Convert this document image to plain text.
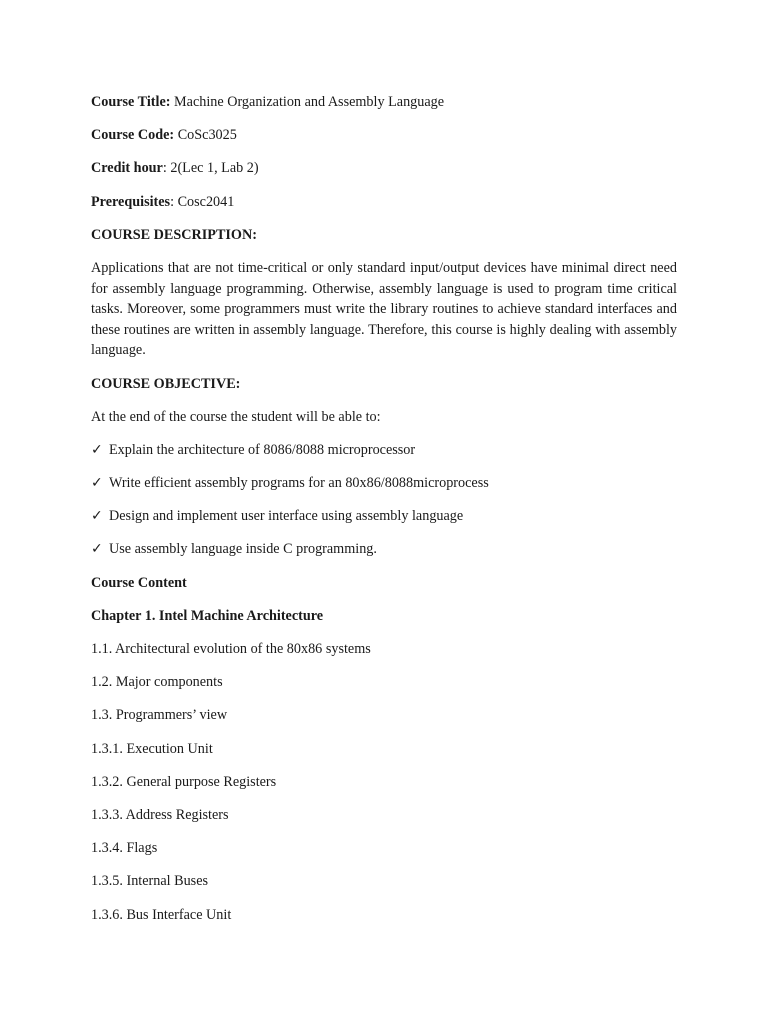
Course Title: Machine Organization and Assembly Language

Course Code: CoSc3025

Credit hour: 2(Lec 1, Lab 2)

Prerequisites: Cosc2041

COURSE DESCRIPTION:

Applications that are not time-critical or only standard input/output devices have minimal direct need for assembly language programming. Otherwise, assembly language is used to program time critical tasks. Moreover, some programmers must write the library routines to achieve standard interfaces and these routines are written in assembly language. Therefore, this course is highly dealing with assembly language.

COURSE OBJECTIVE:

At the end of the course the student will be able to:

✓ Explain the architecture of 8086/8088 microprocessor

✓ Write efficient assembly programs for an 80x86/8088microprocess

✓ Design and implement user interface using assembly language

✓ Use assembly language inside C programming.

Course Content

Chapter 1. Intel Machine Architecture

1.1. Architectural evolution of the 80x86 systems

1.2. Major components

1.3. Programmers’ view

1.3.1. Execution Unit

1.3.2. General purpose Registers

1.3.3. Address Registers

1.3.4. Flags

1.3.5. Internal Buses

1.3.6. Bus Interface Unit
